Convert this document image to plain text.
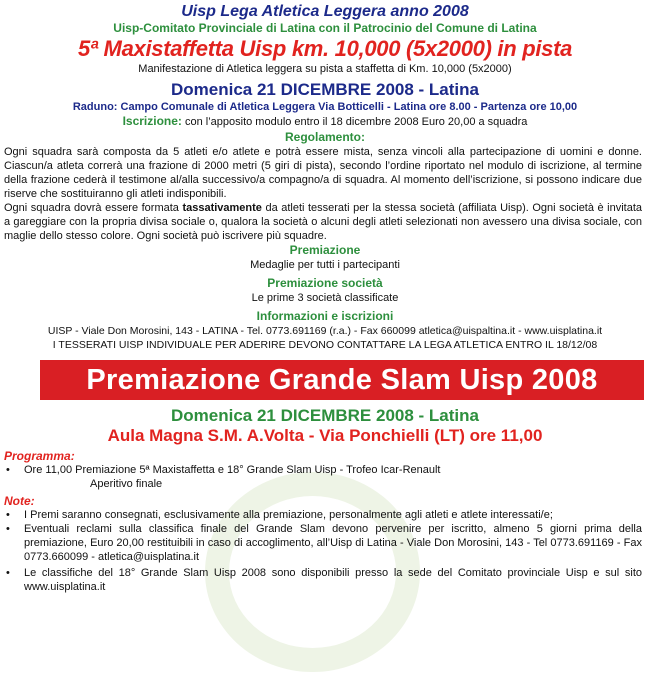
Uisp Lega Atletica Leggera anno 2008
Uisp-Comitato Provinciale di Latina con il Patrocinio del Comune di Latina
5ª Maxistaffetta Uisp km. 10,000 (5x2000) in pista
Manifestazione di Atletica leggera su pista a staffetta di Km. 10,000 (5x2000)
Domenica 21 DICEMBRE 2008 - Latina
Raduno: Campo Comunale di Atletica Leggera Via Botticelli - Latina ore 8.00 - Partenza ore 10,00
Iscrizione: con l’apposito modulo entro il 18 dicembre 2008 Euro 20,00 a squadra
Regolamento:
Ogni squadra sarà composta da 5 atleti e/o atlete e potrà essere mista, senza vincoli alla partecipazione di uomini e donne. Ciascun/a atleta correrà una frazione di 2000 metri (5 giri di pista), secondo l’ordine riportato nel modulo di iscrizione, al termine della frazione cederà il testimone al/alla successivo/a compagno/a di squadra. Al momento dell’iscrizione, si possono indicare due riserve che sostituiranno gli atleti indisponibili.
Ogni squadra dovrà essere formata tassativamente da atleti tesserati per la stessa società (affiliata Uisp). Ogni società è invitata a gareggiare con la propria divisa sociale o, qualora la società o alcuni degli atleti selezionati non avessero una divisa sociale, con maglie dello stesso colore. Ogni società può iscrivere più squadre.
Premiazione
Medaglie per tutti i partecipanti
Premiazione società
Le prime 3 società classificate
Informazioni e iscrizioni
UISP - Viale Don Morosini, 143 - LATINA - Tel. 0773.691169 (r.a.) - Fax 660099 atletica@uispaltina.it - www.uisplatina.it
I TESSERATI UISP INDIVIDUALE PER ADERIRE DEVONO CONTATTARE LA LEGA ATLETICA ENTRO IL 18/12/08
Premiazione Grande Slam Uisp 2008
Domenica 21 DICEMBRE 2008 - Latina
Aula Magna S.M. A.Volta - Via Ponchielli (LT) ore 11,00
Programma:
• Ore 11,00 Premiazione 5ª Maxistaffetta e 18° Grande Slam Uisp - Trofeo Icar-Renault
Aperitivo finale
Note:
• I Premi saranno consegnati, esclusivamente alla premiazione, personalmente agli atleti e atlete interessati/e;
• Eventuali reclami sulla classifica finale del Grande Slam devono pervenire per iscritto, almeno 5 giorni prima della premiazione, Euro 20,00 restituibili in caso di accoglimento, all’Uisp di Latina - Viale Don Morosini, 143 - Tel 0773.691169 - Fax 0773.660099 - atletica@uisplatina.it
• Le classifiche del 18° Grande Slam Uisp 2008 sono disponibili presso la sede del Comitato provinciale Uisp e sul sito www.uisplatina.it
